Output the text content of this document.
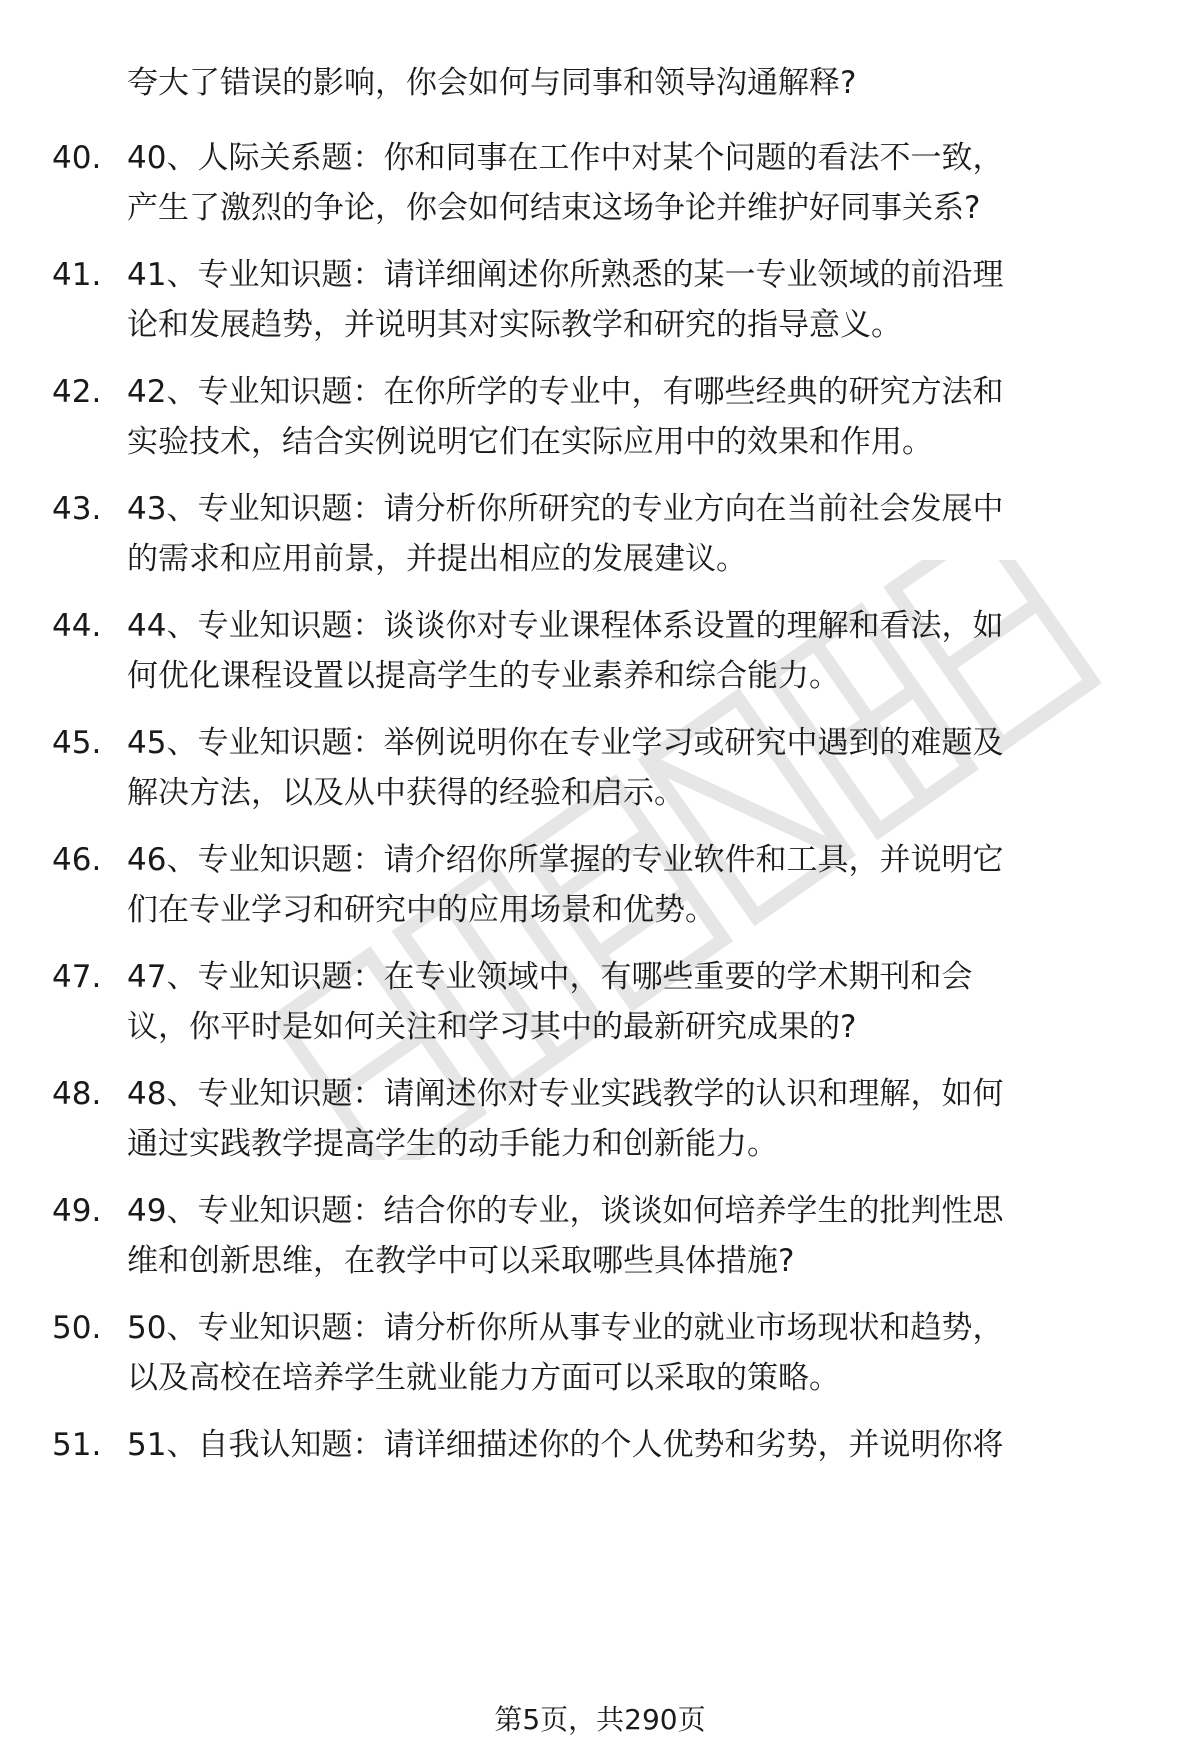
夸大了错误的影响，你会如何与同事和领导沟通解释?
40. 40、人际关系题：你和同事在工作中对某个问题的看法不一致，
产生了激烈的争论，你会如何结束这场争论并维护好同事关系?
41. 41、专业知识题：请详细阐述你所熟悉的某一专业领域的前沿理
论和发展趋势，并说明其对实际教学和研究的指导意义。
42. 42、专业知识题：在你所学的专业中，有哪些经典的研究方法和
实验技术，结合实例说明它们在实际应用中的效果和作用。
43. 43、专业知识题：请分析你所研究的专业方向在当前社会发展中
的需求和应用前景，并提出相应的发展建议。
44. 44、专业知识题：谈谈你对专业课程体系设置的理解和看法，如
何优化课程设置以提高学生的专业素养和综合能力。
45. 45、专业知识题：举例说明你在专业学习或研究中遇到的难题及
解决方法，以及从中获得的经验和启示。
46. 46、专业知识题：请介绍你所掌握的专业软件和工具，并说明它
们在专业学习和研究中的应用场景和优势。
47. 47、专业知识题：在专业领域中，有哪些重要的学术期刊和会
议，你平时是如何关注和学习其中的最新研究成果的?
48. 48、专业知识题：请阐述你对专业实践教学的认识和理解，如何
通过实践教学提高学生的动手能力和创新能力。
49. 49、专业知识题：结合你的专业，谈谈如何培养学生的批判性思
维和创新思维，在教学中可以采取哪些具体措施?
50. 50、专业知识题：请分析你所从事专业的就业市场现状和趋势，
以及高校在培养学生就业能力方面可以采取的策略。
51. 51、自我认知题：请详细描述你的个人优势和劣势，并说明你将
第5页，共290页
